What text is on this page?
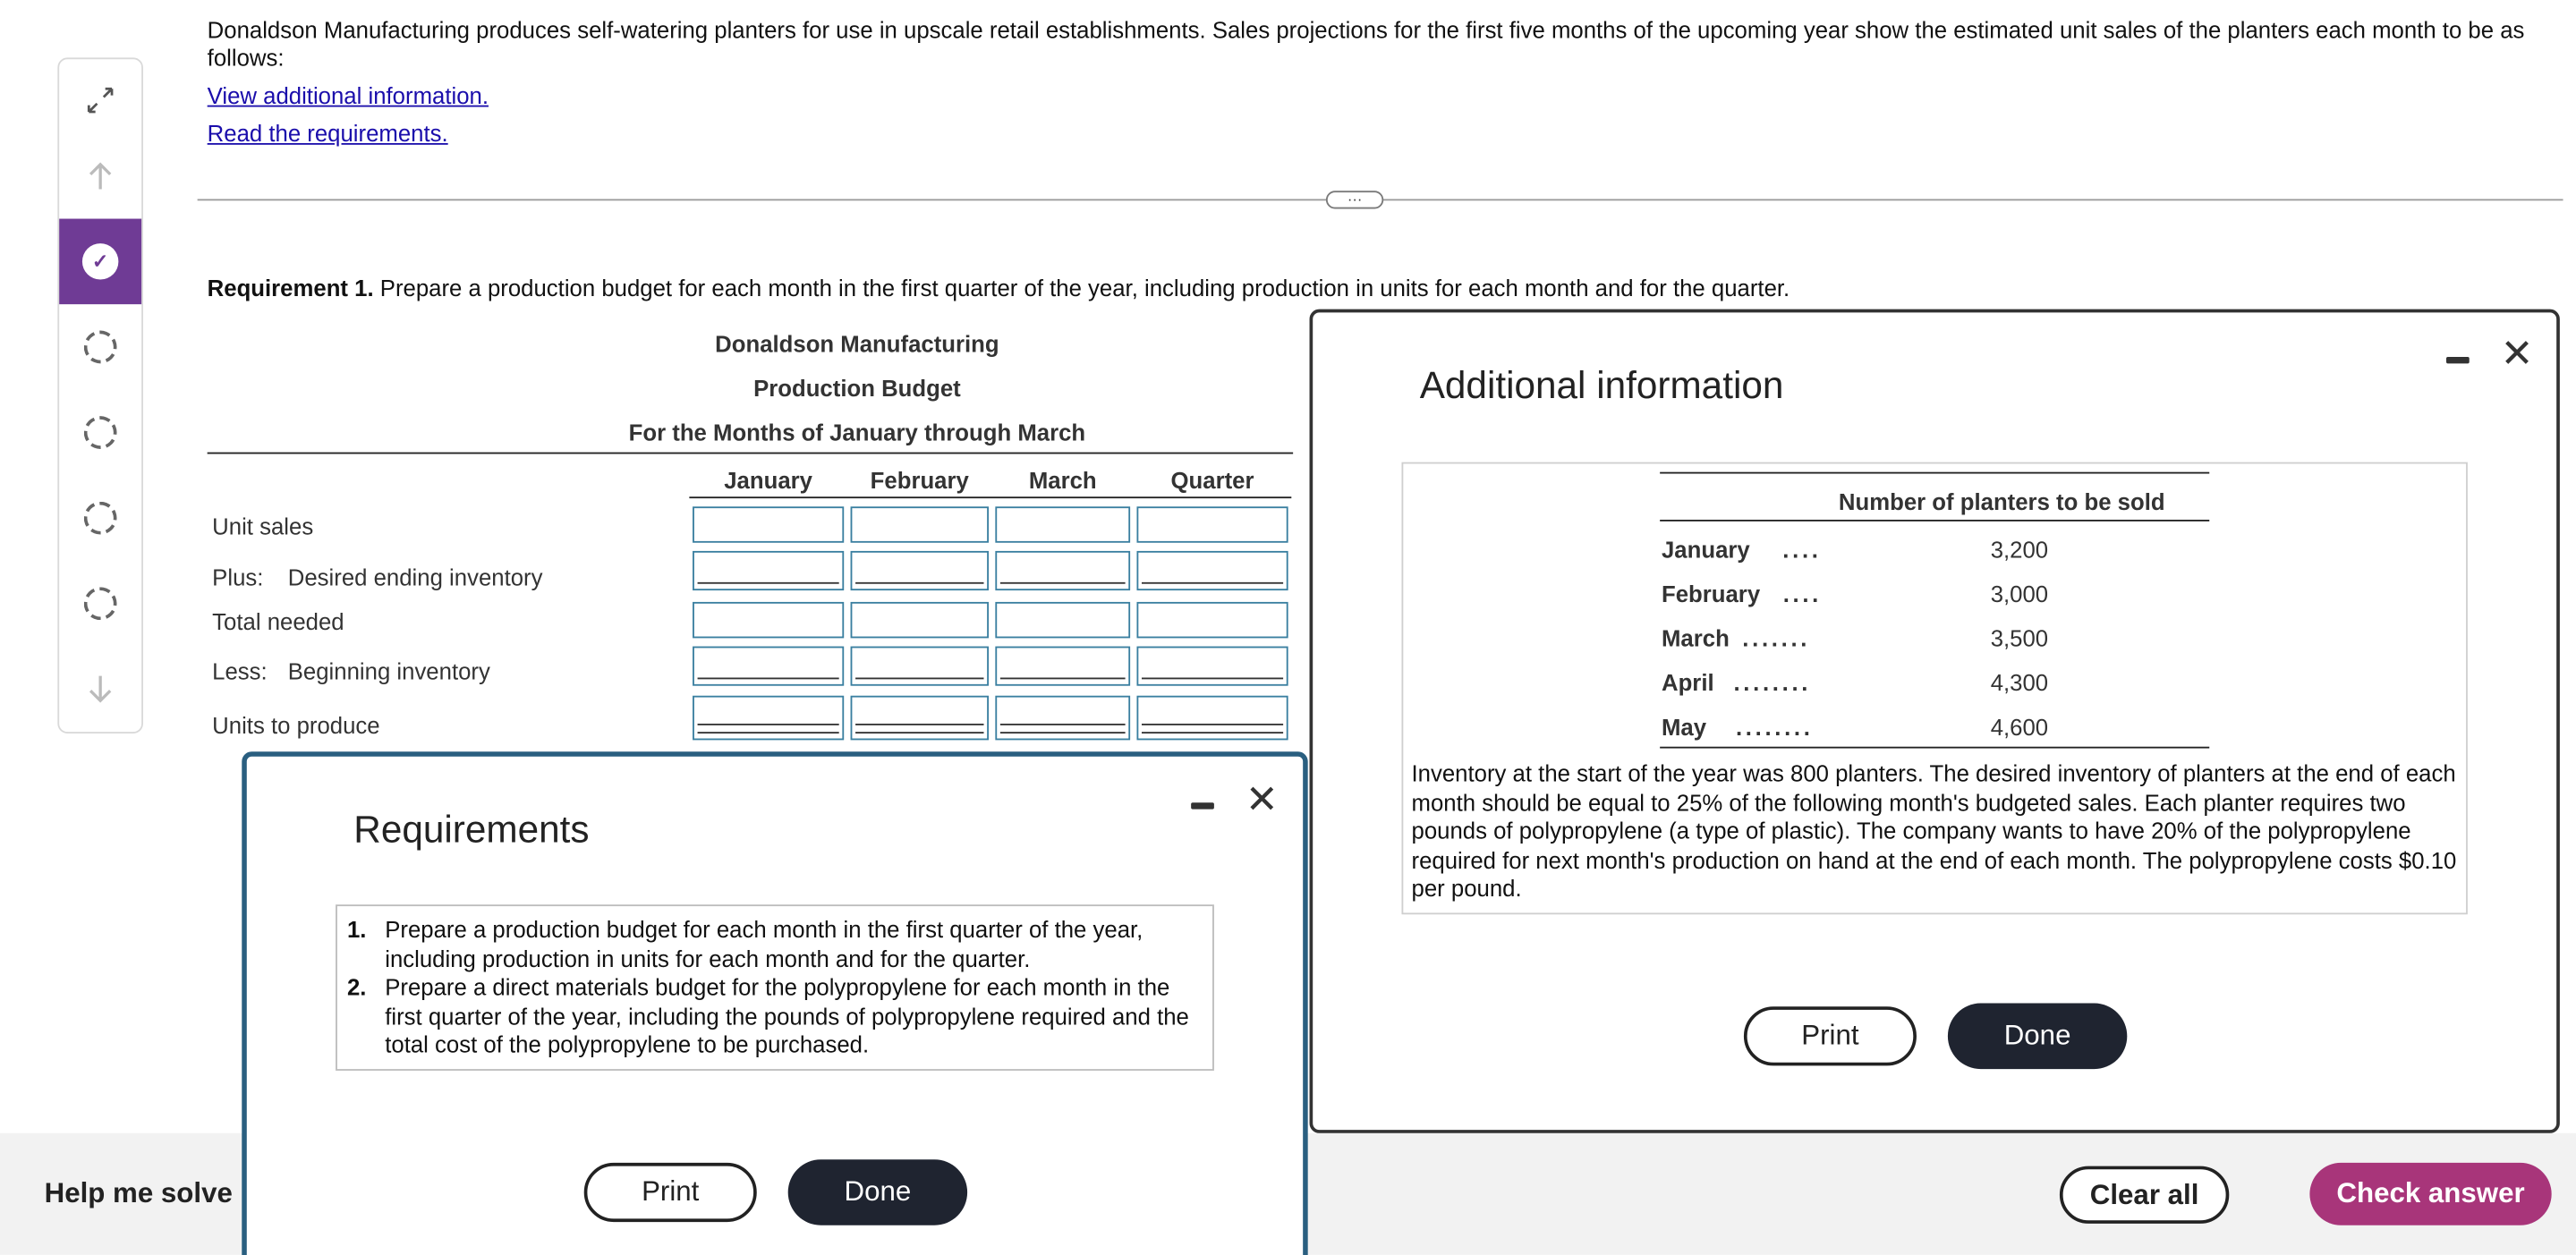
✓
Donaldson Manufacturing produces self-watering planters for use in upscale retail establishments. Sales projections for the first five months of the upcoming year show the estimated unit sales of the planters each month to be as follows:
View additional information.
Read the requirements.
···
Requirement 1. Prepare a production budget for each month in the first quarter of the year, including production in units for each month and for the quarter.
Donaldson Manufacturing
Production Budget
For the Months of January through March
January	February	March	Quarter
Unit sales
Plus: Desired ending inventory
Total needed
Less: Beginning inventory
Units to produce
Help me solve	Clear all	Check answer
Additional information
✕
Number of planters to be sold
January	....	3,200
February ....	3,000
March .......	3,500
April ........	4,300
May ........	4,600
Inventory at the start of the year was 800 planters. The desired inventory of planters at the end of each month should be equal to 25% of the following month's budgeted sales. Each planter requires two pounds of polypropylene (a type of plastic). The company wants to have 20% of the polypropylene required for next month's production on hand at the end of each month. The polypropylene costs $0.10 per pound.
Print	Done
Requirements
✕
1. Prepare a production budget for each month in the first quarter of the year, including production in units for each month and for the quarter.
2. Prepare a direct materials budget for the polypropylene for each month in the first quarter of the year, including the pounds of polypropylene required and the total cost of the polypropylene to be purchased.
Print	Done
